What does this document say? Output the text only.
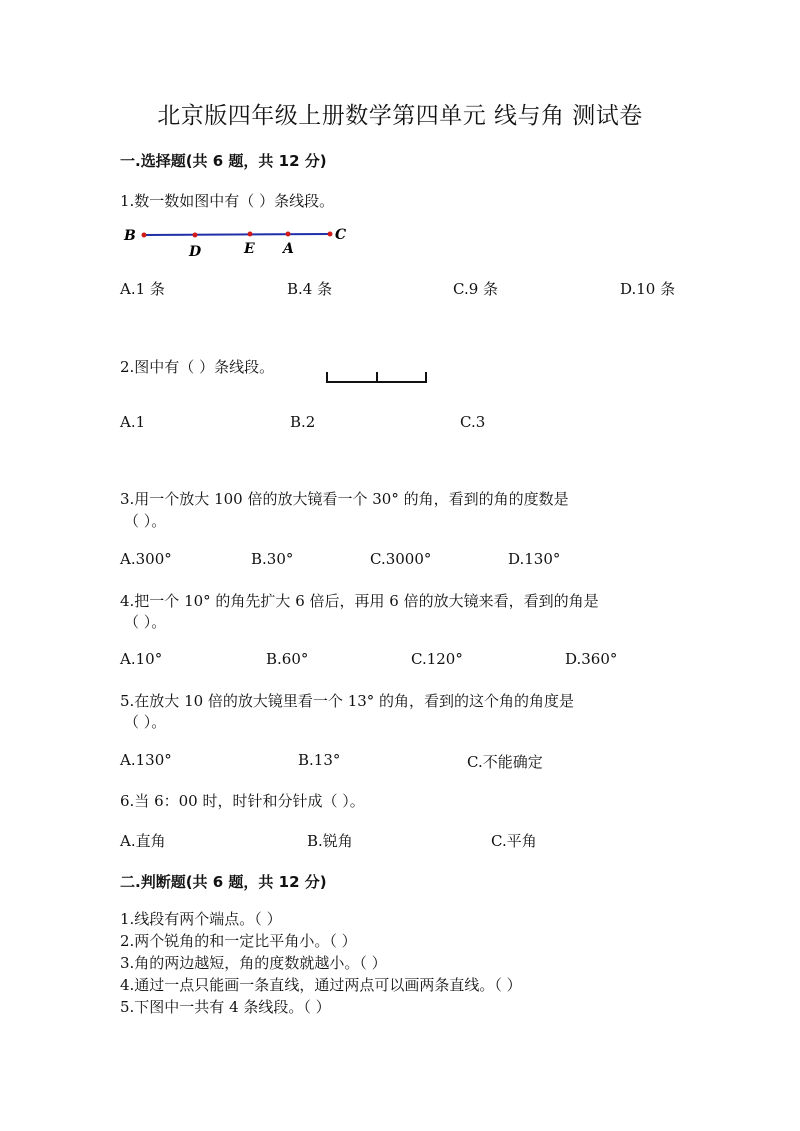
北京版四年级上册数学第四单元 线与角 测试卷
一.选择题(共 6 题，共 12 分)
1.数一数如图中有（ ）条线段。
B
D	E A
C
A.1 条	B.4 条	C.9 条	D.10 条
2.图中有（ ）条线段。
A.1	B.2	C.3
3.用一个放大 100 倍的放大镜看一个 30° 的角，看到的角的度数是
（ ）。
A.300°	B.30°	C.3000°	D.130°
4.把一个 10° 的角先扩大 6 倍后，再用 6 倍的放大镜来看，看到的角是
（ ）。
A.10°	B.60°	C.120°	D.360°
5.在放大 10 倍的放大镜里看一个 13° 的角，看到的这个角的角度是
（ ）。
A.130°	B.13°	C.不能确定
6.当 6：00 时，时针和分针成（ ）。
A.直角	B.锐角	C.平角
二.判断题(共 6 题，共 12 分)
1.线段有两个端点。（ ）
2.两个锐角的和一定比平角小。（ ）
3.角的两边越短，角的度数就越小。（ ）
4.通过一点只能画一条直线，通过两点可以画两条直线。（ ）
5.下图中一共有 4 条线段。（ ）
